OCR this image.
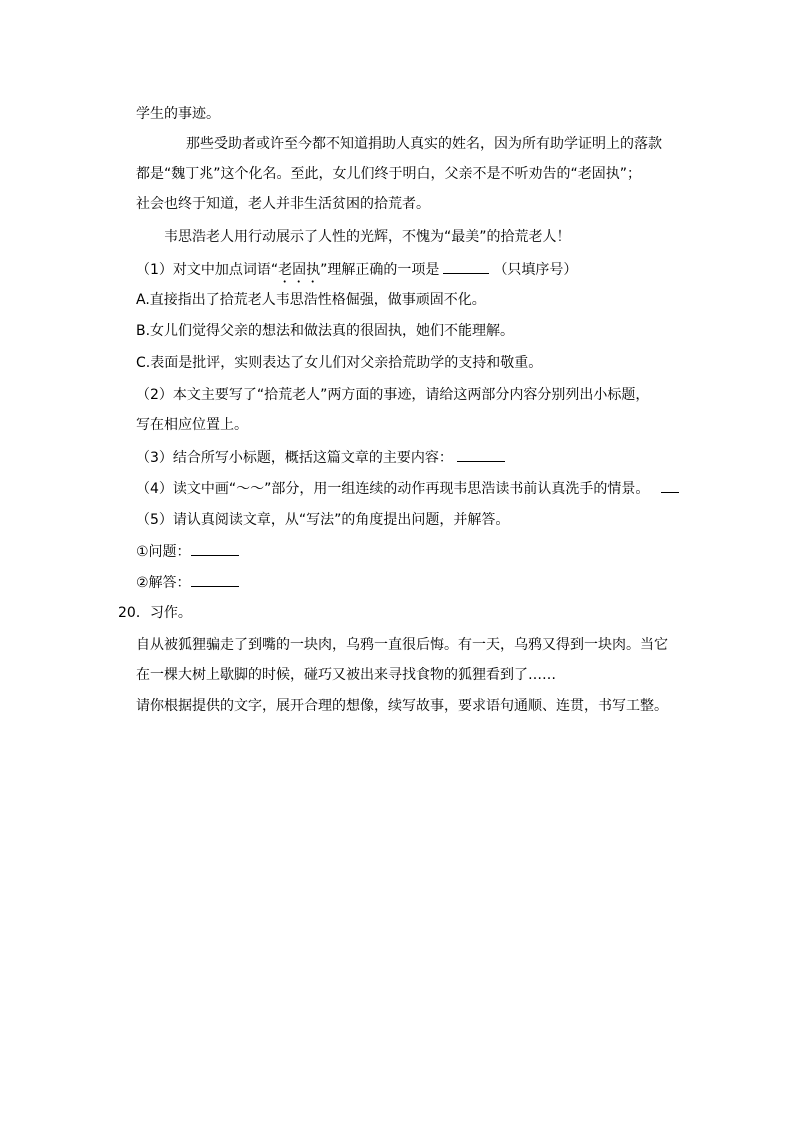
学生的事迹。
那些受助者或许至今都不知道捐助人真实的姓名，因为所有助学证明上的落款
都是“魏丁兆”这个化名。至此，女儿们终于明白，父亲不是不听劝告的“老固执”；
社会也终于知道，老人并非生活贫困的拾荒者。
韦思浩老人用行动展示了人性的光辉，不愧为“最美”的拾荒老人！
（1）对文中加点词语“老固执”理解正确的一项是	（只填序号）
A.直接指出了拾荒老人韦思浩性格倔强，做事顽固不化。
B.女儿们觉得父亲的想法和做法真的很固执，她们不能理解。
C.表面是批评，实则表达了女儿们对父亲拾荒助学的支持和敬重。
（2）本文主要写了“拾荒老人”两方面的事迹，请给这两部分内容分别列出小标题，
写在相应位置上。
（3）结合所写小标题，概括这篇文章的主要内容：
（4）读文中画“～～”部分，用一组连续的动作再现韦思浩读书前认真洗手的情景。
（5）请认真阅读文章，从“写法”的角度提出问题，并解答。
①问题：
②解答：
20．习作。
自从被狐狸骗走了到嘴的一块肉，乌鸦一直很后悔。有一天，乌鸦又得到一块肉。当它
在一棵大树上歇脚的时候，碰巧又被出来寻找食物的狐狸看到了……
请你根据提供的文字，展开合理的想像，续写故事，要求语句通顺、连贯，书写工整。
